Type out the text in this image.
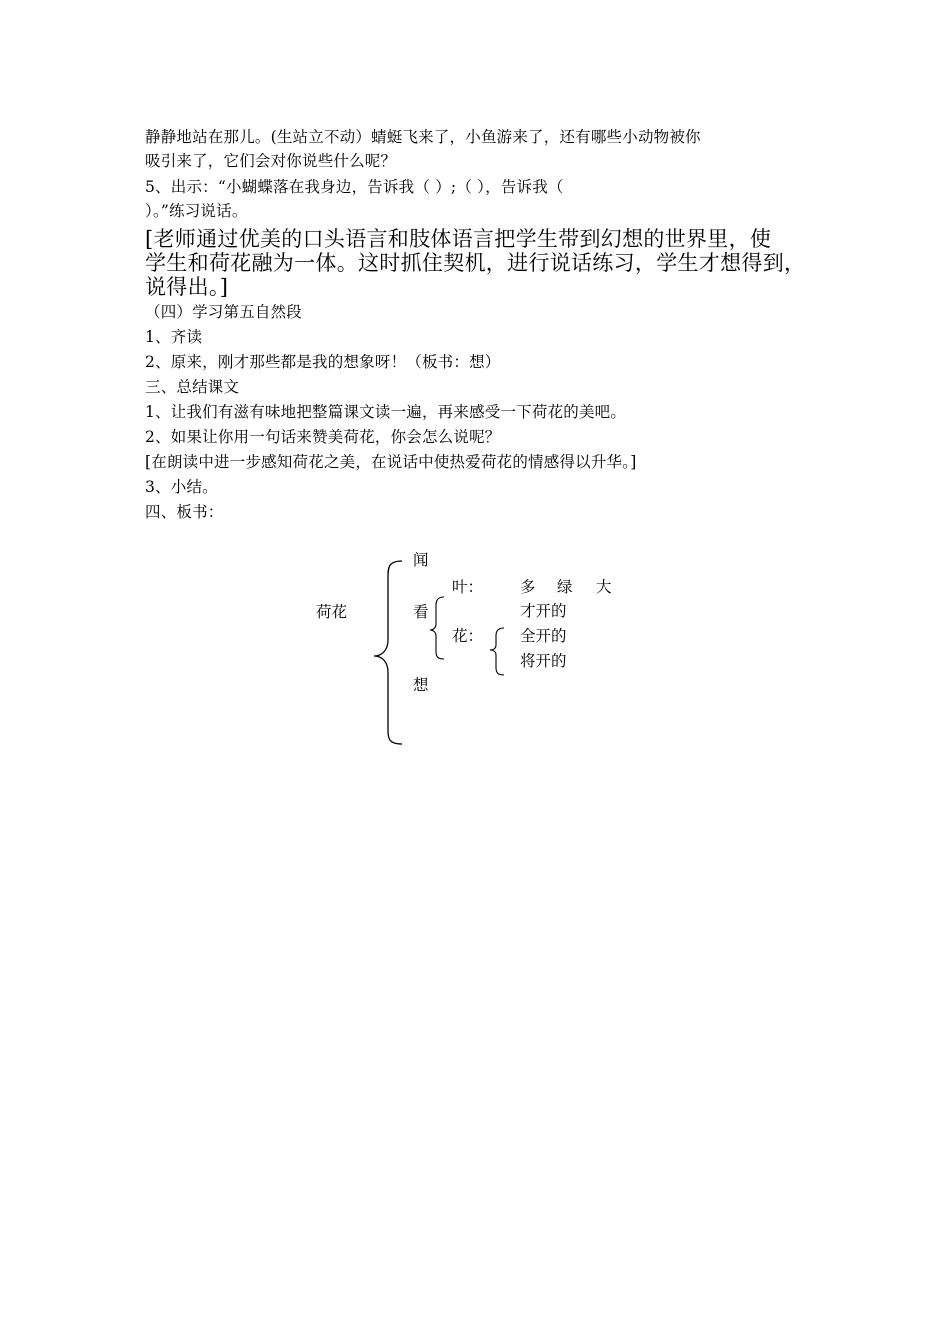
静静地站在那儿。(生站立不动）蜻蜓飞来了，小鱼游来了，还有哪些小动物被你
吸引来了，它们会对你说些什么呢？
5、出示：“小蝴蝶落在我身边，告诉我（ ）;（ ），告诉我（
）。”练习说话。
[老师通过优美的口头语言和肢体语言把学生带到幻想的世界里，使
学生和荷花融为一体。这时抓住契机，进行说话练习，学生才想得到，
说得出。]
（四）学习第五自然段
1、齐读
2、原来，刚才那些都是我的想象呀！（板书：想）
三、总结课文
1、让我们有滋有味地把整篇课文读一遍，再来感受一下荷花的美吧。
2、如果让你用一句话来赞美荷花，你会怎么说呢？
[在朗读中进一步感知荷花之美，在说话中使热爱荷花的情感得以升华。]
3、小结。
四、板书：
荷花
闻
看
想
叶： 多 绿 大
花：
才开的
全开的
将开的
